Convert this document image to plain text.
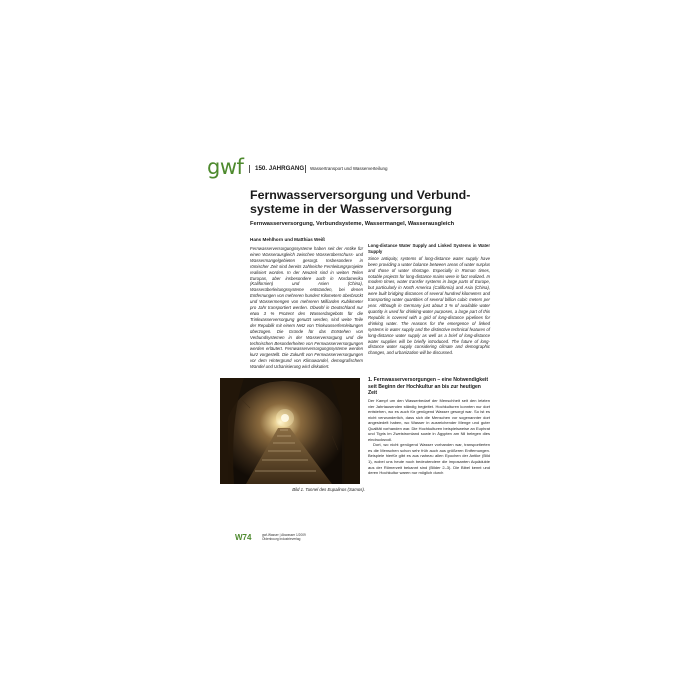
gwf 150. JAHRGANG Wassertransport und Wasserverteilung
Fernwasserversorgung und Verbund-systeme in der Wasserversorgung
Fernwasserversorgung, Verbundsysteme, Wassermangel, Wasserausgleich
Hans Mehlhorn und Matthias Weiß

Fernwasserversorgungssysteme haben seit der Antike für einen Wasserausgleich zwischen Wasserüberschuss- und Wassermangelgebieten gesorgt. Insbesondere in römischer Zeit sind bereits zahlreiche Fernleitungsprojekte realisiert worden. In der Neuzeit sind in weiten Teilen Europas, aber insbesondere auch in Nordamerika (Kalifornien) und Asien (China), Wasserüberleitungssysteme entstanden, bei denen Entfernungen von mehreren hundert Kilometern überbrückt und Wassermengen von mehreren Milliarden Kubikmeter pro Jahr transportiert werden. Obwohl in Deutschland nur etwa 3 % Prozent des Wasserdargebots für die Trinkwasserversorgung genutzt werden, sind weite Teile der Republik mit einem Netz von Trinkwasserfernleitungen überzogen. Die Gründe für das Entstehen von Verbundsystemen in der Wasserversorgung und die technischen Besonderheiten von Fernwasserversorgungen werden erläutert. Fernwasserversorgungssysteme werden kurz vorgestellt. Die Zukunft von Fernwasserversorgungen vor dem Hintergrund von Klimawandel, demografischem Wandel und Urbanisierung wird diskutiert.

Long-distance Water Supply and Linked Systems in Water Supply

Since antiquity, systems of long-distance water supply have been providing a water balance between areas of water surplus and those of water shortage. Especially in Roman times, notable projects for long-distance mains were in fact realized. In modern times, water transfer systems in large parts of Europe, but particularly in North America (California) and Asia (China), were built bridging distances of several hundred kilometers and transporting water quantities of several billion cubic meters per year. Although in Germany just about 3 % of available water quantity is used for drinking-water purposes, a large part of this Republic is covered with a grid of long-distance pipelines for drinking water. The reasons for the emergence of linked systems in water supply and the distinctive technical features of long-distance water supply as well as a brief of long-distance water supplies will be briefly introduced. The future of long-distance water supply considering climate and demographic changes, and urbanization will be discussed.

Bild 1. Tunnel des Eupalinos (Samos).
1. Fernwasserversorgungen – eine Notwendigkeit seit Beginn der Hochkultur an bis zur heutigen Zeit

Der Kampf um den Wasserbedarf der Menschheit seit den letzten vier Jahrtausenden ständig begleitet. Hochkulturen konnten nur dort entstehen, wo es auch für genügend Wasser gesorgt war. So ist es nicht verwunderlich, dass sich die Menschen vor sogenannter dort angesiedelt haben, wo Wasser in ausreichender Menge und guter Qualität vorhanden war. Die Hochkulturen beispielsweise an Euphrat und Tigris im Zweistromland sowie in Ägypten am Nil belegen dies eindrucksvoll.

Dort, wo nicht genügend Wasser vorhanden war, transportierten es die Menschen schon sehr früh auch aus größeren Entfernungen. Beispiele hierfür gibt es aus nahezu allen Epochen der Antike (Bild 1), wobei uns heute noch bedeutendere die imposanten Aquädukte aus der Römerzeit bekannt sind (Bilder 2–3). Die Bibel kennt und deren Hochkultur waren nur möglich durch

W74	gwf-Wasser | Abwasser 1/2009
Oldenbourg Industrieverlag
